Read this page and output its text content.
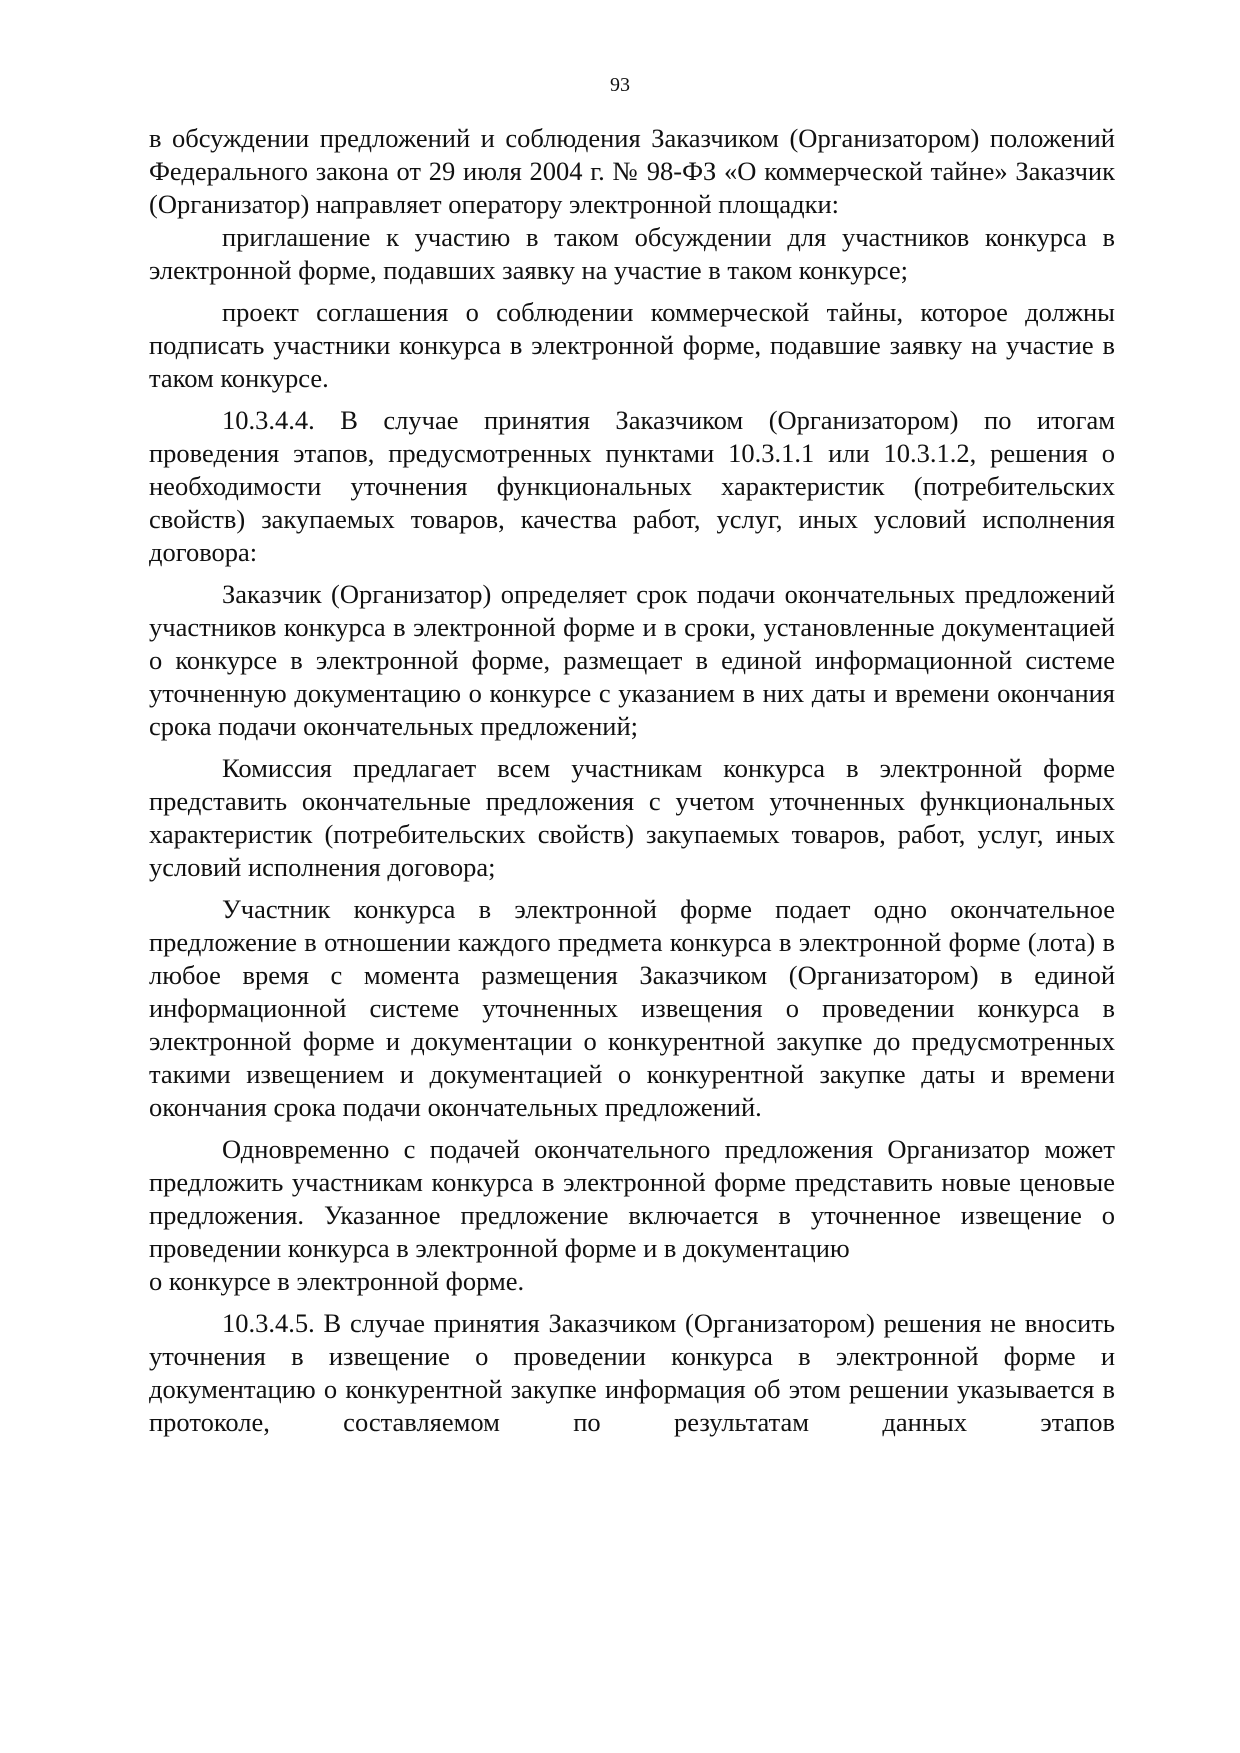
93

в обсуждении предложений и соблюдения Заказчиком (Организатором) положений Федерального закона от 29 июля 2004 г. № 98-ФЗ «О коммерческой тайне» Заказчик (Организатор) направляет оператору электронной площадки:

приглашение к участию в таком обсуждении для участников конкурса в электронной форме, подавших заявку на участие в таком конкурсе;

проект соглашения о соблюдении коммерческой тайны, которое должны подписать участники конкурса в электронной форме, подавшие заявку на участие в таком конкурсе.

10.3.4.4. В случае принятия Заказчиком (Организатором) по итогам проведения этапов, предусмотренных пунктами 10.3.1.1 или 10.3.1.2, решения о необходимости уточнения функциональных характеристик (потребительских свойств) закупаемых товаров, качества работ, услуг, иных условий исполнения договора:

Заказчик (Организатор) определяет срок подачи окончательных предложений участников конкурса в электронной форме и в сроки, установленные документацией о конкурсе в электронной форме, размещает в единой информационной системе уточненную документацию о конкурсе с указанием в них даты и времени окончания срока подачи окончательных предложений;

Комиссия предлагает всем участникам конкурса в электронной форме представить окончательные предложения с учетом уточненных функциональных характеристик (потребительских свойств) закупаемых товаров, работ, услуг, иных условий исполнения договора;

Участник конкурса в электронной форме подает одно окончательное предложение в отношении каждого предмета конкурса в электронной форме (лота) в любое время с момента размещения Заказчиком (Организатором) в единой информационной системе уточненных извещения о проведении конкурса в электронной форме и документации о конкурентной закупке до предусмотренных такими извещением и документацией о конкурентной закупке даты и времени окончания срока подачи окончательных предложений.

Одновременно с подачей окончательного предложения Организатор может предложить участникам конкурса в электронной форме представить новые ценовые предложения. Указанное предложение включается в уточненное извещение о проведении конкурса в электронной форме и в документацию

о конкурсе в электронной форме.

10.3.4.5. В случае принятия Заказчиком (Организатором) решения не вносить уточнения в извещение о проведении конкурса в электронной форме и документацию о конкурентной закупке информация об этом решении указывается в протоколе, составляемом по результатам данных этапов
